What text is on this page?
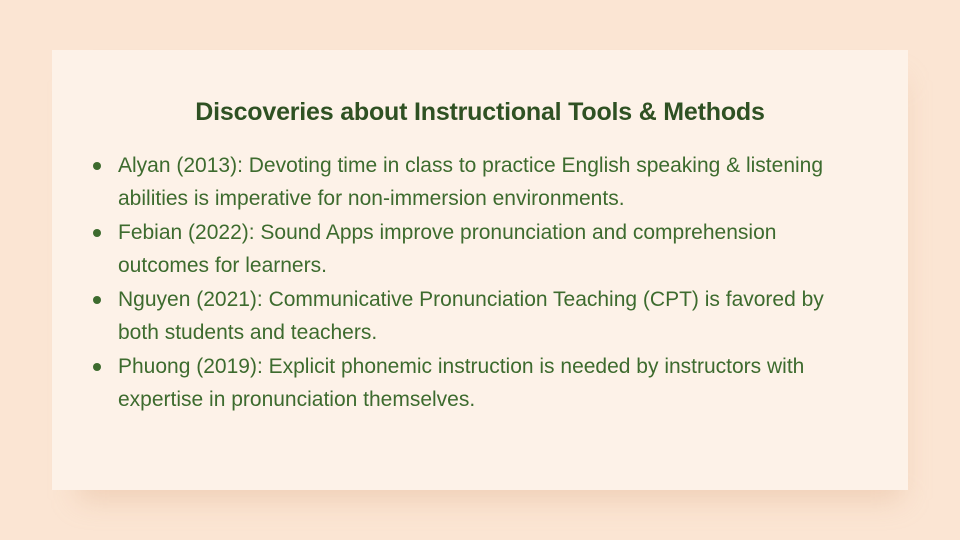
Discoveries about Instructional Tools & Methods
Alyan (2013): Devoting time in class to practice English speaking & listening abilities is imperative for non-immersion environments.
Febian (2022): Sound Apps improve pronunciation and comprehension outcomes for learners.
Nguyen (2021): Communicative Pronunciation Teaching (CPT) is favored by both students and teachers.
Phuong (2019): Explicit phonemic instruction is needed by instructors with expertise in pronunciation themselves.
